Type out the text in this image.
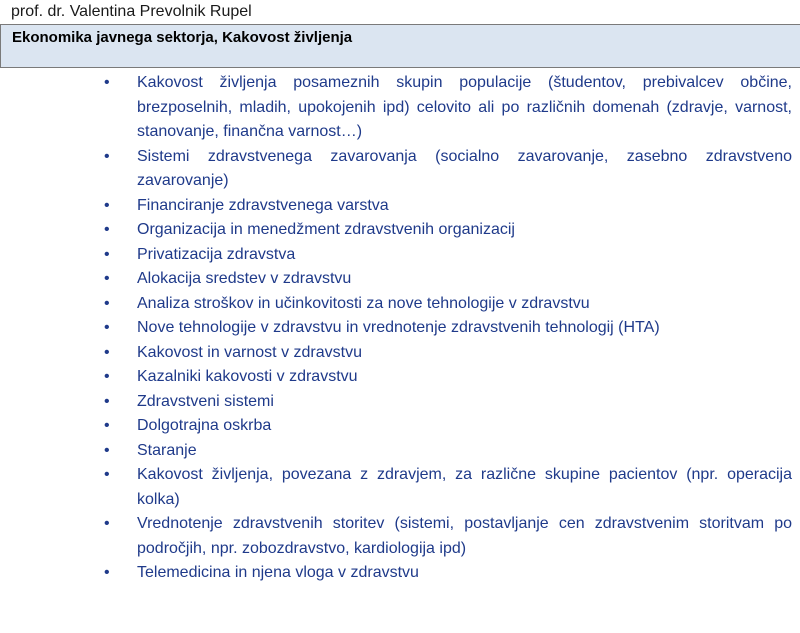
prof. dr. Valentina Prevolnik Rupel
Ekonomika javnega sektorja, Kakovost življenja
• Kakovost življenja posameznih skupin populacije (študentov, prebivalcev občine, brezposelnih, mladih, upokojenih ipd) celovito ali po različnih domenah (zdravje, varnost, stanovanje, finančna varnost…)
• Sistemi zdravstvenega zavarovanja (socialno zavarovanje, zasebno zdravstveno zavarovanje)
• Financiranje zdravstvenega varstva
• Organizacija in menedžment zdravstvenih organizacij
• Privatizacija zdravstva
• Alokacija sredstev v zdravstvu
• Analiza stroškov in učinkovitosti za nove tehnologije v zdravstvu
• Nove tehnologije v zdravstvu in vrednotenje zdravstvenih tehnologij (HTA)
• Kakovost in varnost v zdravstvu
• Kazalniki kakovosti v zdravstvu
• Zdravstveni sistemi
• Dolgotrajna oskrba
• Staranje
• Kakovost življenja, povezana z zdravjem, za različne skupine pacientov (npr. operacija kolka)
• Vrednotenje zdravstvenih storitev (sistemi, postavljanje cen zdravstvenim storitvam po področjih, npr. zobozdravstvo, kardiologija ipd)
• Telemedicina in njena vloga v zdravstvu
